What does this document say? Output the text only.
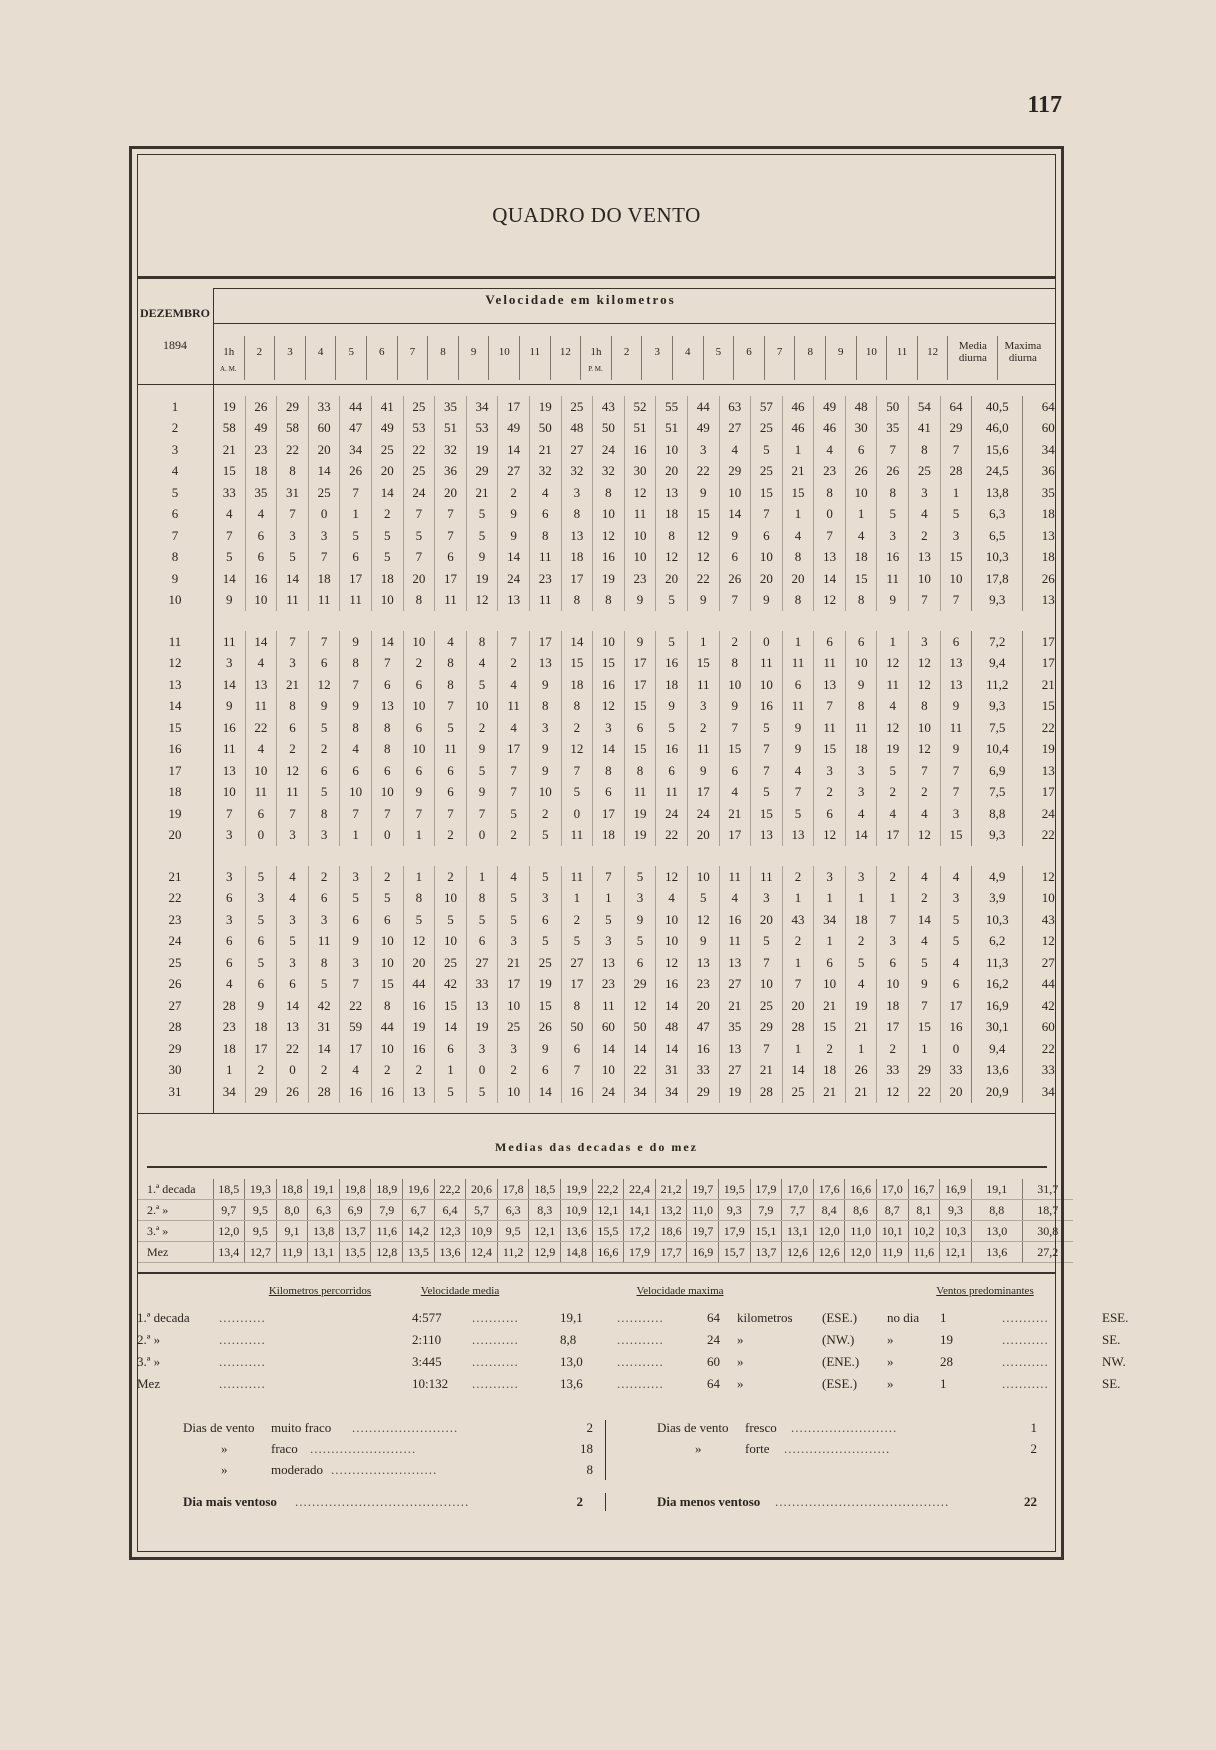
117
QUADRO DO VENTO
DEZEMBRO
1894
Velocidade em kilometros
1h
A. M.
2	3	4	5	6	7	8	9	10	11	12	1h
P. M.
2	3	4	5	6	7	8	9	10	11	12	Media diurna
Maxima diurna
1	19	26	29	33	44	41	25	35	34	17	19	25	43	52	55	44	63	57	46	49	48	50	54	64	40,5	64
2	58	49	58	60	47	49	53	51	53	49	50	48	50	51	51	49	27	25	46	46	30	35	41	29	46,0	60
3	21	23	22	20	34	25	22	32	19	14	21	27	24	16	10	3	4	5	1	4	6	7	8	7	15,6	34
4	15	18	8	14	26	20	25	36	29	27	32	32	32	30	20	22	29	25	21	23	26	26	25	28	24,5	36
5	33	35	31	25	7	14	24	20	21	2	4	3	8	12	13	9	10	15	15	8	10	8	3	1	13,8	35
6	4	4	7	0	1	2	7	7	5	9	6	8	10	11	18	15	14	7	1	0	1	5	4	5	6,3	18
7	7	6	3	3	5	5	5	7	5	9	8	13	12	10	8	12	9	6	4	7	4	3	2	3	6,5	13
8	5	6	5	7	6	5	7	6	9	14	11	18	16	10	12	12	6	10	8	13	18	16	13	15	10,3	18
9	14	16	14	18	17	18	20	17	19	24	23	17	19	23	20	22	26	20	20	14	15	11	10	10	17,8	26
10	9	10	11	11	11	10	8	11	12	13	11	8	8	9	5	9	7	9	8	12	8	9	7	7	9,3	13

11	11	14	7	7	9	14	10	4	8	7	17	14	10	9	5	1	2	0	1	6	6	1	3	6	7,2	17
12	3	4	3	6	8	7	2	8	4	2	13	15	15	17	16	15	8	11	11	11	10	12	12	13	9,4	17
13	14	13	21	12	7	6	6	8	5	4	9	18	16	17	18	11	10	10	6	13	9	11	12	13	11,2	21
14	9	11	8	9	9	13	10	7	10	11	8	8	12	15	9	3	9	16	11	7	8	4	8	9	9,3	15
15	16	22	6	5	8	8	6	5	2	4	3	2	3	6	5	2	7	5	9	11	11	12	10	11	7,5	22
16	11	4	2	2	4	8	10	11	9	17	9	12	14	15	16	11	15	7	9	15	18	19	12	9	10,4	19
17	13	10	12	6	6	6	6	6	5	7	9	7	8	8	6	9	6	7	4	3	3	5	7	7	6,9	13
18	10	11	11	5	10	10	9	6	9	7	10	5	6	11	11	17	4	5	7	2	3	2	2	7	7,5	17
19	7	6	7	8	7	7	7	7	7	5	2	0	17	19	24	24	21	15	5	6	4	4	4	3	8,8	24
20	3	0	3	3	1	0	1	2	0	2	5	11	18	19	22	20	17	13	13	12	14	17	12	15	9,3	22

21	3	5	4	2	3	2	1	2	1	4	5	11	7	5	12	10	11	11	2	3	3	2	4	4	4,9	12
22	6	3	4	6	5	5	8	10	8	5	3	1	1	3	4	5	4	3	1	1	1	1	2	3	3,9	10
23	3	5	3	3	6	6	5	5	5	5	6	2	5	9	10	12	16	20	43	34	18	7	14	5	10,3	43
24	6	6	5	11	9	10	12	10	6	3	5	5	3	5	10	9	11	5	2	1	2	3	4	5	6,2	12
25	6	5	3	8	3	10	20	25	27	21	25	27	13	6	12	13	13	7	1	6	5	6	5	4	11,3	27
26	4	6	6	5	7	15	44	42	33	17	19	17	23	29	16	23	27	10	7	10	4	10	9	6	16,2	44
27	28	9	14	42	22	8	16	15	13	10	15	8	11	12	14	20	21	25	20	21	19	18	7	17	16,9	42
28	23	18	13	31	59	44	19	14	19	25	26	50	60	50	48	47	35	29	28	15	21	17	15	16	30,1	60
29	18	17	22	14	17	10	16	6	3	3	9	6	14	14	14	16	13	7	1	2	1	2	1	0	9,4	22
30	1	2	0	2	4	2	2	1	0	2	6	7	10	22	31	33	27	21	14	18	26	33	29	33	13,6	33
31	34	29	26	28	16	16	13	5	5	10	14	16	24	34	34	29	19	28	25	21	21	12	22	20	20,9	34
Medias das decadas e do mez
1.ª decada	18,5	19,3	18,8	19,1	19,8	18,9	19,6	22,2	20,6	17,8	18,5	19,9	22,2	22,4	21,2	19,7	19,5	17,9	17,0	17,6	16,6	17,0	16,7	16,9	19,1	31,7
2.ª »	9,7	9,5	8,0	6,3	6,9	7,9	6,7	6,4	5,7	6,3	8,3	10,9	12,1	14,1	13,2	11,0	9,3	7,9	7,7	8,4	8,6	8,7	8,1	9,3	8,8	18,7
3.ª »	12,0	9,5	9,1	13,8	13,7	11,6	14,2	12,3	10,9	9,5	12,1	13,6	15,5	17,2	18,6	19,7	17,9	15,1	13,1	12,0	11,0	10,1	10,2	10,3	13,0	30,8
Mez	13,4	12,7	11,9	13,1	13,5	12,8	13,5	13,6	12,4	11,2	12,9	14,8	16,6	17,9	17,7	16,9	15,7	13,7	12,6	12,6	12,0	11,9	11,6	12,1	13,6	27,2
Kilometros percorridos	Velocidade media	Velocidade maxima	Ventos predominantes
1.ª decada ...........	4:577 ...........	19,1	...........	64 kilometros (ESE.) no dia 1	...........	ESE.
2.ª »	...........	2:110 ...........	8,8	...........	24 »	(NW.)	»	19	...........	SE.
3.ª »	...........	3:445 ...........	13,0	...........	60 »	(ENE.) »	28	...........	NW.
Mez	...........	10:132 ...........	13,6	...........	64 »	(ESE.) »	1	...........	SE.
Dias de vento muito fraco .........................	2
»	fraco .........................	18
»	moderado .........................	8
Dias de vento fresco .........................	1
»	forte .........................	2
Dia mais ventoso .........................................	2	Dia menos ventoso .........................................	22
